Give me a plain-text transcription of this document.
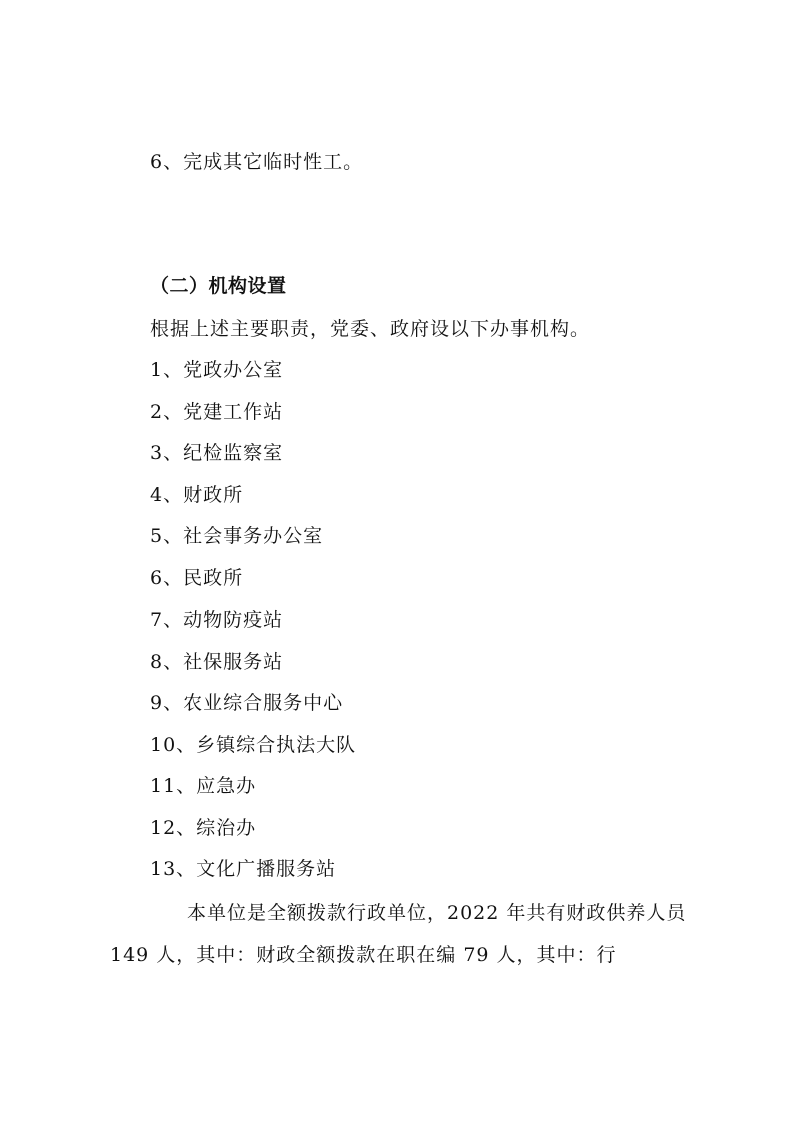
6、完成其它临时性工。
（二）机构设置
根据上述主要职责，党委、政府设以下办事机构。
1、党政办公室
2、党建工作站
3、纪检监察室
4、财政所
5、社会事务办公室
6、民政所
7、动物防疫站
8、社保服务站
9、农业综合服务中心
10、乡镇综合执法大队
11、应急办
12、综治办
13、文化广播服务站
本单位是全额拨款行政单位，2022 年共有财政供养人员 149 人，其中：财政全额拨款在职在编 79 人，其中：行
